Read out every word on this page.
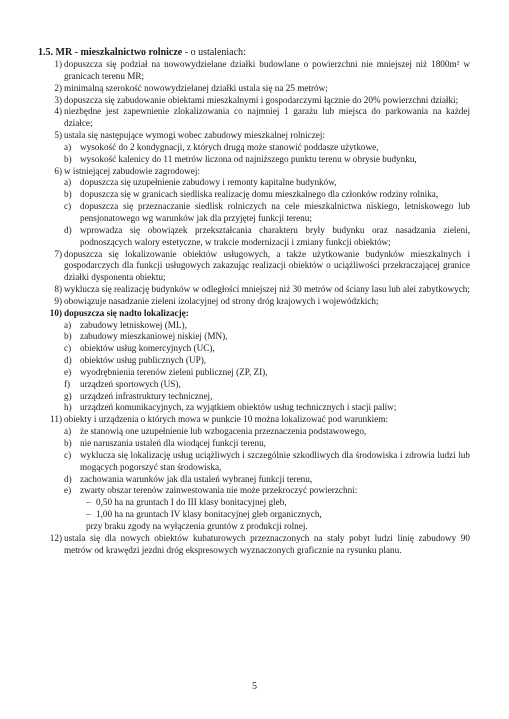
1.5. MR - mieszkalnictwo rolnicze - o ustaleniach:
1) dopuszcza się podział na nowowydzielane działki budowlane o powierzchni nie mniejszej niż 1800m² w granicach terenu MR;
2) minimalną szerokość nowowydzielanej działki ustala się na 25 metrów;
3) dopuszcza się zabudowanie obiektami mieszkalnymi i gospodarczymi łącznie do 20% powierzchni działki;
4) niezbędne jest zapewnienie zlokalizowania co najmniej 1 garażu lub miejsca do parkowania na każdej działce;
5) ustala się następujące wymogi wobec zabudowy mieszkalnej rolniczej:
a) wysokość do 2 kondygnacji, z których drugą może stanowić poddasze użytkowe,
b) wysokość kalenicy do 11 metrów liczona od najniższego punktu terenu w obrysie budynku,
6) w istniejącej zabudowie zagrodowej:
a) dopuszcza się uzupełnienie zabudowy i remonty kapitalne budynków,
b) dopuszcza się w granicach siedliska realizację domu mieszkalnego dla członków rodziny rolnika,
c) dopuszcza się przeznaczanie siedlisk rolniczych na cele mieszkalnictwa niskiego, letniskowego lub pensjonatowego wg warunków jak dla przyjętej funkcji terenu;
d) wprowadza się obowiązek przekształcania charakteru bryły budynku oraz nasadzania zieleni, podnoszących walory estetyczne, w trakcie modernizacji i zmiany funkcji obiektów;
7) dopuszcza się lokalizowanie obiektów usługowych, a także użytkowanie budynków mieszkalnych i gospodarczych dla funkcji usługowych zakazując realizacji obiektów o uciążliwości przekraczającej granice działki dysponenta obiektu;
8) wyklucza się realizację budynków w odległości mniejszej niż 30 metrów od ściany lasu lub alei zabytkowych;
9) obowiązuje nasadzanie zieleni izolacyjnej od strony dróg krajowych i wojewódzkich;
10) dopuszcza się nadto lokalizację:
a) zabudowy letniskowej (ML),
b) zabudowy mieszkaniowej niskiej (MN),
c) obiektów usług komercyjnych (UC),
d) obiektów usług publicznych (UP),
e) wyodrębnienia terenów zieleni publicznej (ZP, ZI),
f) urządzeń sportowych (US),
g) urządzeń infrastruktury technicznej,
h) urządzeń komunikacyjnych, za wyjątkiem obiektów usług technicznych i stacji paliw;
11) obiekty i urządzenia o których mowa w punkcie 10 można lokalizować pod warunkiem:
a) że stanowią one uzupełnienie lub wzbogacenia przeznaczenia podstawowego,
b) nie naruszania ustaleń dla wiodącej funkcji terenu,
c) wyklucza się lokalizację usług uciążliwych i szczególnie szkodliwych dla środowiska i zdrowia ludzi lub mogących pogorszyć stan środowiska,
d) zachowania warunków jak dla ustaleń wybranej funkcji terenu,
e) zwarty obszar terenów zainwestowania nie może przekroczyć powierzchni:
– 0,50 ha na gruntach I do III klasy bonitacyjnej gleb,
– 1,00 ha na gruntach IV klasy bonitacyjnej gleb organicznych,
przy braku zgody na wyłączenia gruntów z produkcji rolnej.
12) ustala się dla nowych obiektów kubaturowych przeznaczonych na stały pobyt ludzi linię zabudowy 90 metrów od krawędzi jezdni dróg ekspresowych wyznaczonych graficznie na rysunku planu.
5
